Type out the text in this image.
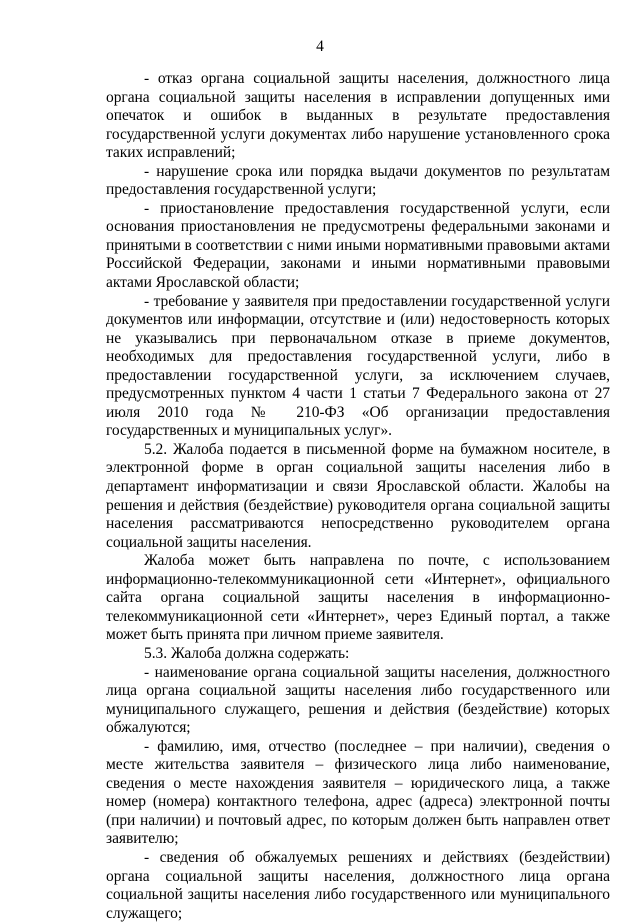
4

- отказ органа социальной защиты населения, должностного лица органа социальной защиты населения в исправлении допущенных ими опечаток и ошибок в выданных в результате предоставления государственной услуги документах либо нарушение установленного срока таких исправлений;

- нарушение срока или порядка выдачи документов по результатам предоставления государственной услуги;

- приостановление предоставления государственной услуги, если основания приостановления не предусмотрены федеральными законами и принятыми в соответствии с ними иными нормативными правовыми актами Российской Федерации, законами и иными нормативными правовыми актами Ярославской области;

- требование у заявителя при предоставлении государственной услуги документов или информации, отсутствие и (или) недостоверность которых не указывались при первоначальном отказе в приеме документов, необходимых для предоставления государственной услуги, либо в предоставлении государственной услуги, за исключением случаев, предусмотренных пунктом 4 части 1 статьи 7 Федерального закона от 27 июля 2010 года № 210-ФЗ «Об организации предоставления государственных и муниципальных услуг».

5.2. Жалоба подается в письменной форме на бумажном носителе, в электронной форме в орган социальной защиты населения либо в департамент информатизации и связи Ярославской области. Жалобы на решения и действия (бездействие) руководителя органа социальной защиты населения рассматриваются непосредственно руководителем органа социальной защиты населения.

Жалоба может быть направлена по почте, с использованием информационно-телекоммуникационной сети «Интернет», официального сайта органа социальной защиты населения в информационно-телекоммуникационной сети «Интернет», через Единый портал, а также может быть принята при личном приеме заявителя.

5.3. Жалоба должна содержать:

- наименование органа социальной защиты населения, должностного лица органа социальной защиты населения либо государственного или муниципального служащего, решения и действия (бездействие) которых обжалуются;

- фамилию, имя, отчество (последнее – при наличии), сведения о месте жительства заявителя – физического лица либо наименование, сведения о месте нахождения заявителя – юридического лица, а также номер (номера) контактного телефона, адрес (адреса) электронной почты (при наличии) и почтовый адрес, по которым должен быть направлен ответ заявителю;

- сведения об обжалуемых решениях и действиях (бездействии) органа социальной защиты населения, должностного лица органа социальной защиты населения либо государственного или муниципального служащего;
